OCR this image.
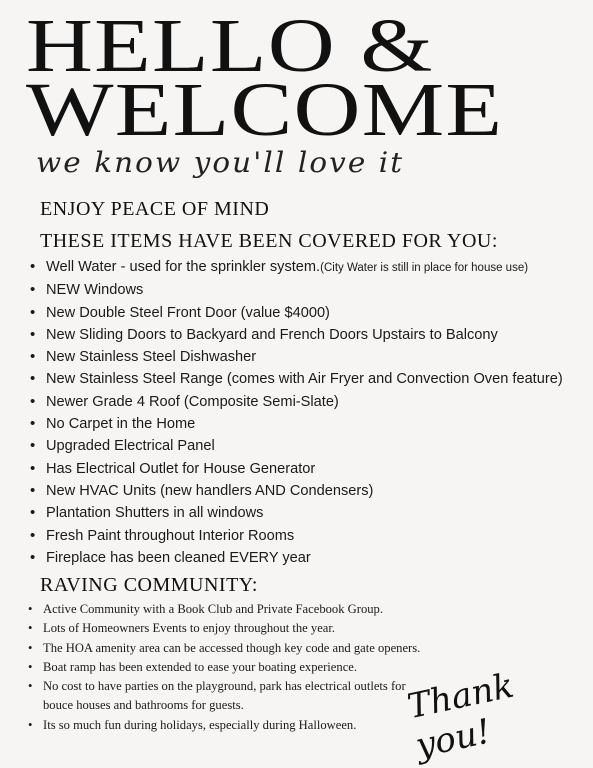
HELLO &
WELCOME
we know you'll love it
ENJOY PEACE OF MIND
THESE ITEMS HAVE BEEN COVERED FOR YOU:
• Well Water - used for the sprinkler system.(City Water is still in place for house use)
• NEW Windows
• New Double Steel Front Door (value $4000)
• New Sliding Doors to Backyard and French Doors Upstairs to Balcony
• New Stainless Steel Dishwasher
• New Stainless Steel Range (comes with Air Fryer and Convection Oven feature)
• Newer Grade 4 Roof (Composite Semi-Slate)
• No Carpet in the Home
• Upgraded Electrical Panel
• Has Electrical Outlet for House Generator
• New HVAC Units (new handlers AND Condensers)
• Plantation Shutters in all windows
• Fresh Paint throughout Interior Rooms
• Fireplace has been cleaned EVERY year
RAVING COMMUNITY:
• Active Community with a Book Club and Private Facebook Group.
• Lots of Homeowners Events to enjoy throughout the year.
• The HOA amenity area can be accessed though key code and gate openers.
• Boat ramp has been extended to ease your boating experience.
• No cost to have parties on the playground, park has electrical outlets for bouce houses and bathrooms for guests.
• Its so much fun during holidays, especially during Halloween.	Thank you!
